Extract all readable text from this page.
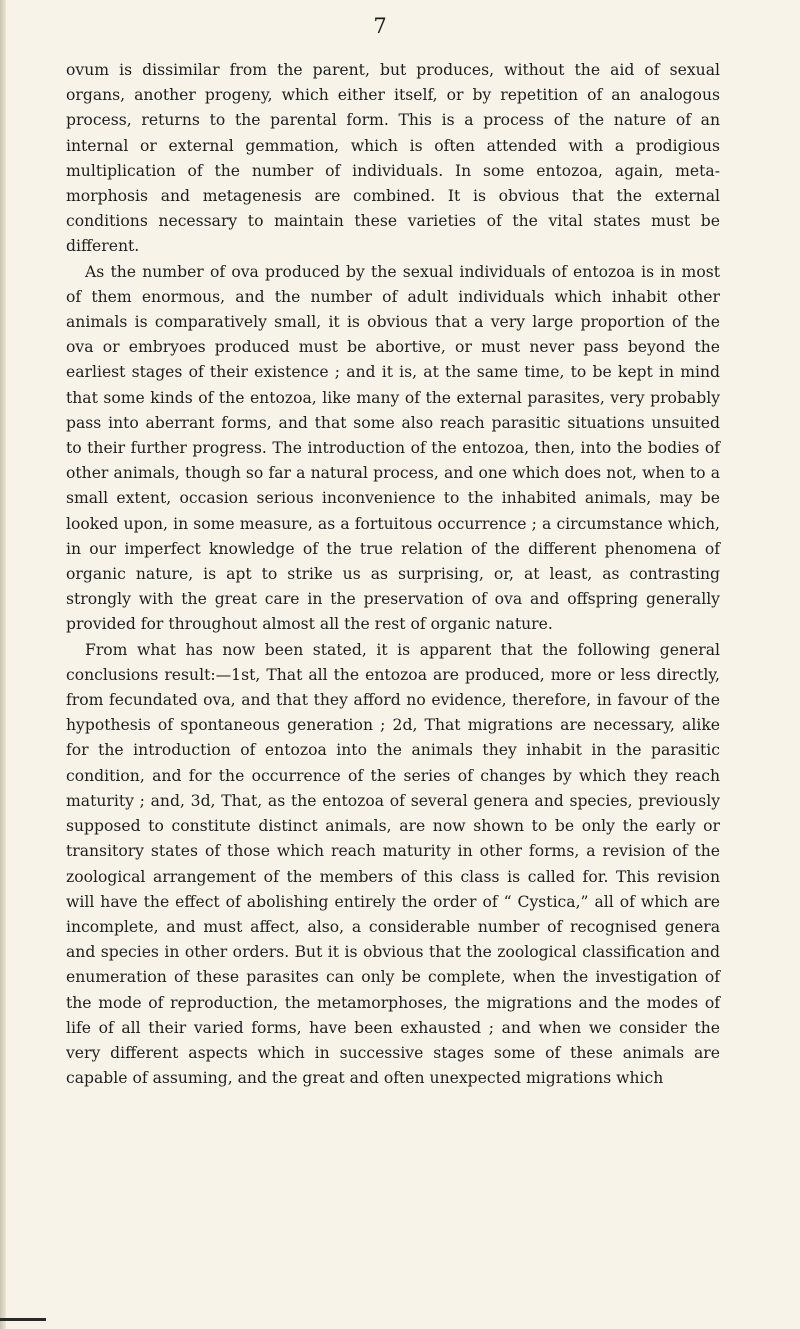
7

ovum is dissimilar from the parent, but produces, without the aid of sexual organs, another progeny, which either itself, or by repetition of an analogous process, returns to the parental form. This is a process of the nature of an internal or external gemmation, which is often attended with a prodigious multiplication of the number of individuals. In some entozoa, again, metamorphosis and metagenesis are combined. It is obvious that the external conditions necessary to maintain these varieties of the vital states must be different.

As the number of ova produced by the sexual individuals of entozoa is in most of them enormous, and the number of adult individuals which inhabit other animals is comparatively small, it is obvious that a very large proportion of the ova or embryoes produced must be abortive, or must never pass beyond the earliest stages of their existence ; and it is, at the same time, to be kept in mind that some kinds of the entozoa, like many of the external parasites, very probably pass into aberrant forms, and that some also reach parasitic situations unsuited to their further progress. The introduction of the entozoa, then, into the bodies of other animals, though so far a natural process, and one which does not, when to a small extent, occasion serious inconvenience to the inhabited animals, may be looked upon, in some measure, as a fortuitous occurrence ; a circumstance which, in our imperfect knowledge of the true relation of the different phenomena of organic nature, is apt to strike us as surprising, or, at least, as contrasting strongly with the great care in the preservation of ova and offspring generally provided for throughout almost all the rest of organic nature.

From what has now been stated, it is apparent that the following general conclusions result:—1st, That all the entozoa are produced, more or less directly, from fecundated ova, and that they afford no evidence, therefore, in favour of the hypothesis of spontaneous generation ; 2d, That migrations are necessary, alike for the introduction of entozoa into the animals they inhabit in the parasitic condition, and for the occurrence of the series of changes by which they reach maturity ; and, 3d, That, as the entozoa of several genera and species, previously supposed to constitute distinct animals, are now shown to be only the early or transitory states of those which reach maturity in other forms, a revision of the zoological arrangement of the members of this class is called for. This revision will have the effect of abolishing entirely the order of “ Cystica,” all of which are incomplete, and must affect, also, a considerable number of recognised genera and species in other orders. But it is obvious that the zoological classification and enumeration of these parasites can only be complete, when the investigation of the mode of reproduction, the metamorphoses, the migrations and the modes of life of all their varied forms, have been exhausted ; and when we consider the very different aspects which in successive stages some of these animals are capable of assuming, and the great and often unexpected migrations which
